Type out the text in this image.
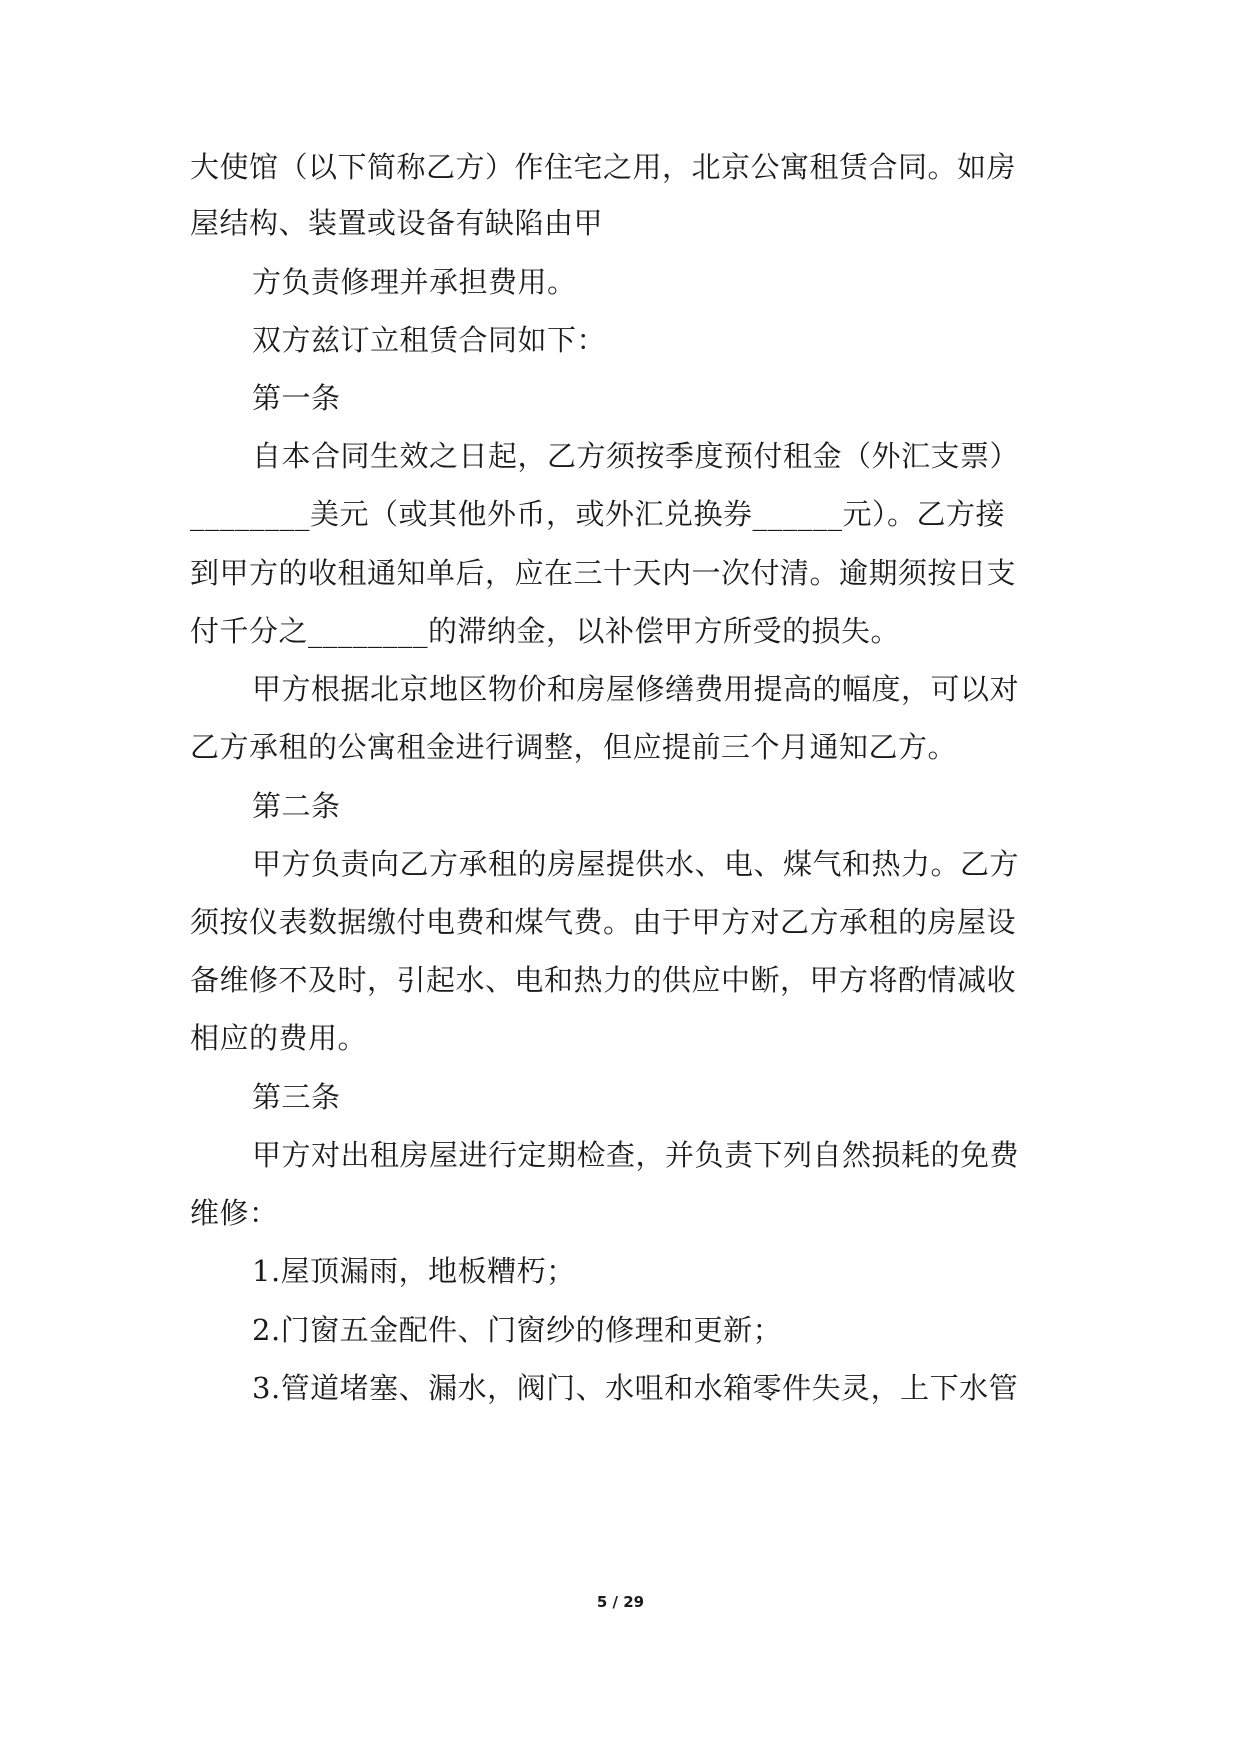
大使馆（以下简称乙方）作住宅之用，北京公寓租赁合同。如房
屋结构、装置或设备有缺陷由甲
方负责修理并承担费用。
双方兹订立租赁合同如下：
第一条
自本合同生效之日起，乙方须按季度预付租金（外汇支票）
________美元（或其他外币，或外汇兑换券______元）。乙方接
到甲方的收租通知单后，应在三十天内一次付清。逾期须按日支
付千分之________的滞纳金，以补偿甲方所受的损失。
甲方根据北京地区物价和房屋修缮费用提高的幅度，可以对
乙方承租的公寓租金进行调整，但应提前三个月通知乙方。
第二条
甲方负责向乙方承租的房屋提供水、电、煤气和热力。乙方
须按仪表数据缴付电费和煤气费。由于甲方对乙方承租的房屋设
备维修不及时，引起水、电和热力的供应中断，甲方将酌情减收
相应的费用。
第三条
甲方对出租房屋进行定期检查，并负责下列自然损耗的免费
维修：
1.屋顶漏雨，地板糟朽；
2.门窗五金配件、门窗纱的修理和更新；
3.管道堵塞、漏水，阀门、水咀和水箱零件失灵，上下水管
5 / 29
